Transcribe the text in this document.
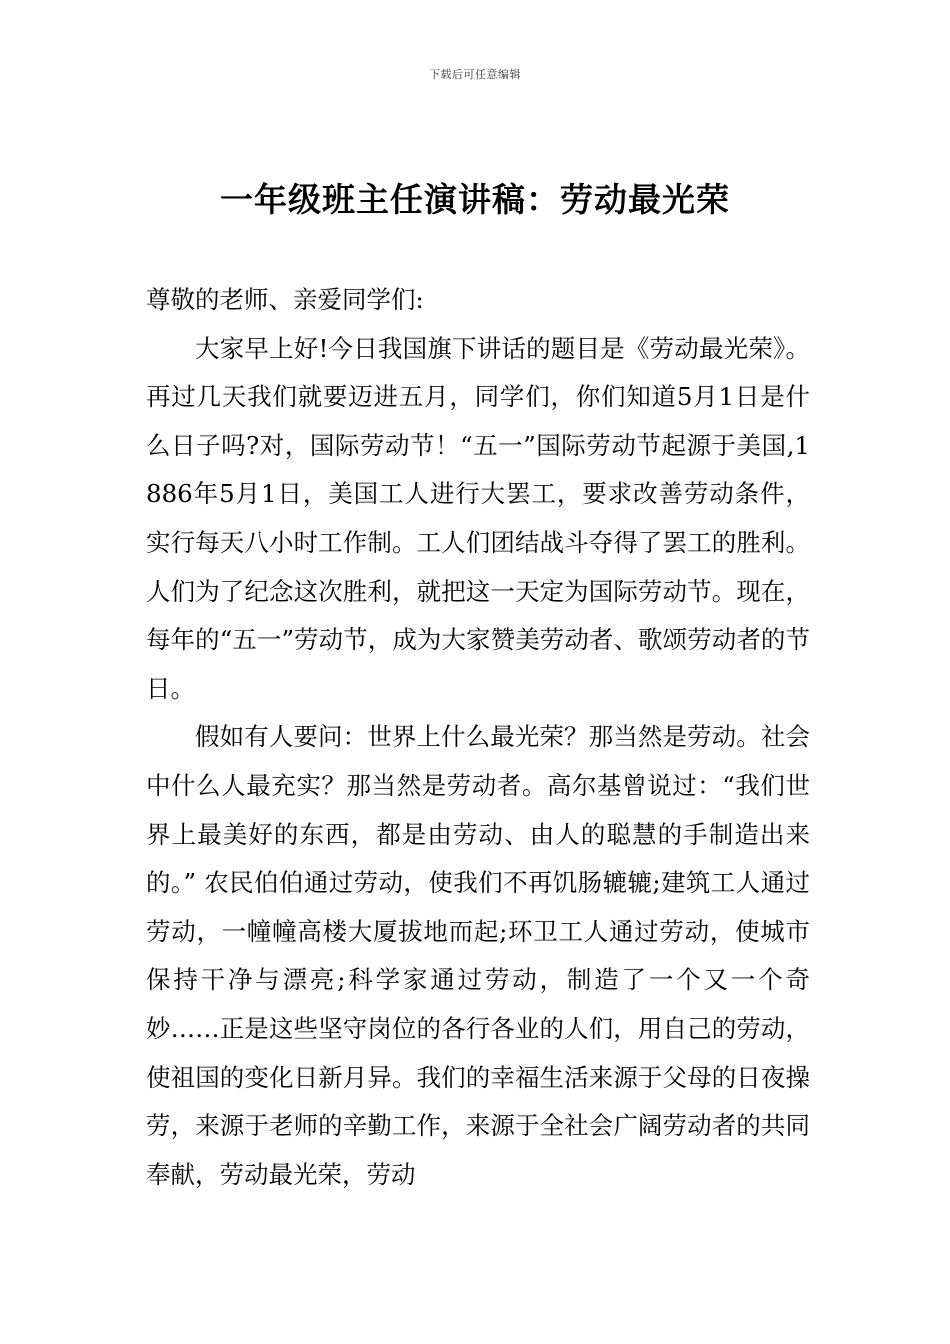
下载后可任意编辑
一年级班主任演讲稿：劳动最光荣

尊敬的老师、亲爱同学们:

大家早上好!今日我国旗下讲话的题目是《劳动最光荣》。再过几天我们就要迈进五月，同学们，你们知道5月1日是什么日子吗?对，国际劳动节！“五一”国际劳动节起源于美国,1886年5月1日，美国工人进行大罢工，要求改善劳动条件，实行每天八小时工作制。工人们团结战斗夺得了罢工的胜利。人们为了纪念这次胜利，就把这一天定为国际劳动节。现在，每年的“五一”劳动节，成为大家赞美劳动者、歌颂劳动者的节日。

假如有人要问：世界上什么最光荣？那当然是劳动。社会中什么人最充实？那当然是劳动者。高尔基曾说过：“我们世界上最美好的东西，都是由劳动、由人的聪慧的手制造出来的。” 农民伯伯通过劳动，使我们不再饥肠辘辘;建筑工人通过劳动，一幢幢高楼大厦拔地而起;环卫工人通过劳动，使城市保持干净与漂亮;科学家通过劳动，制造了一个又一个奇妙……正是这些坚守岗位的各行各业的人们，用自己的劳动，使祖国的变化日新月异。我们的幸福生活来源于父母的日夜操劳，来源于老师的辛勤工作，来源于全社会广阔劳动者的共同奉献，劳动最光荣，劳动
